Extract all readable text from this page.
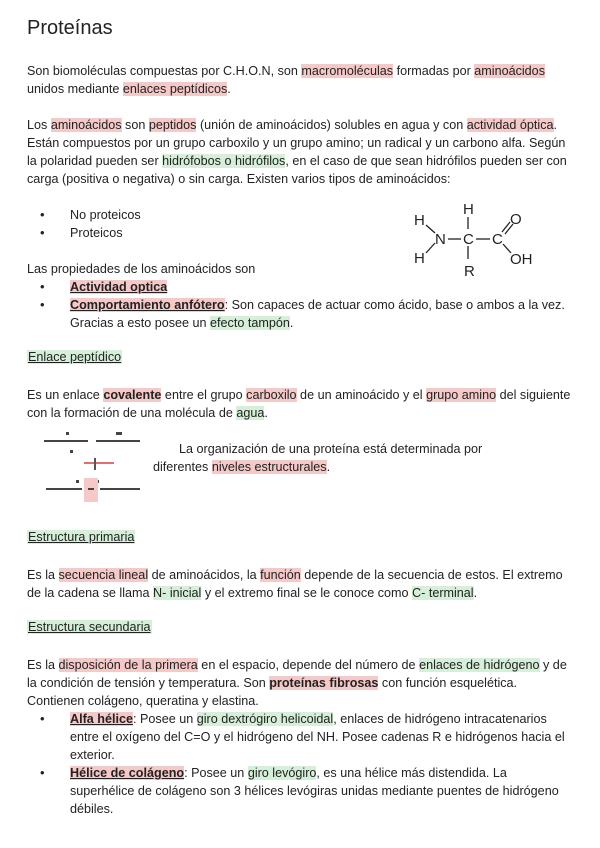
Proteínas
Son biomoléculas compuestas por C.H.O.N, son macromoléculas formadas por aminoácidos unidos mediante enlaces peptídicos.
Los aminoácidos son peptidos (unión de aminoácidos) solubles en agua y con actividad óptica. Están compuestos por un grupo carboxilo y un grupo amino; un radical y un carbono alfa. Según la polaridad pueden ser hidrófobos o hidrófilos, en el caso de que sean hidrófilos pueden ser con carga (positiva o negativa) o sin carga. Existen varios tipos de aminoácidos:
• No proteicos
• Proteicos
H
H
N
H
C
R
C
O
OH
Las propiedades de los aminoácidos son
• Actividad optica
• Comportamiento anfótero: Son capaces de actuar como ácido, base o ambos a la vez. Gracias a esto posee un efecto tampón.
Enlace peptídico
Es un enlace covalente entre el grupo carboxilo de un aminoácido y el grupo amino del siguiente con la formación de una molécula de agua.
La organización de una proteína está determinada por diferentes niveles estructurales.
Estructura primaria
Es la secuencia lineal de aminoácidos, la función depende de la secuencia de estos. El extremo de la cadena se llama N- inicial y el extremo final se le conoce como C- terminal.
Estructura secundaria
Es la disposición de la primera en el espacio, depende del número de enlaces de hidrógeno y de la condición de tensión y temperatura. Son proteínas fibrosas con función esquelética. Contienen colágeno, queratina y elastina.
• Alfa hélice: Posee un giro dextrógiro helicoidal, enlaces de hidrógeno intracatenarios entre el oxígeno del C=O y el hidrógeno del NH. Posee cadenas R e hidrógenos hacia el exterior.
• Hélice de colágeno: Posee un giro levógiro, es una hélice más distendida. La superhélice de colágeno son 3 hélices levógiras unidas mediante puentes de hidrógeno débiles.
